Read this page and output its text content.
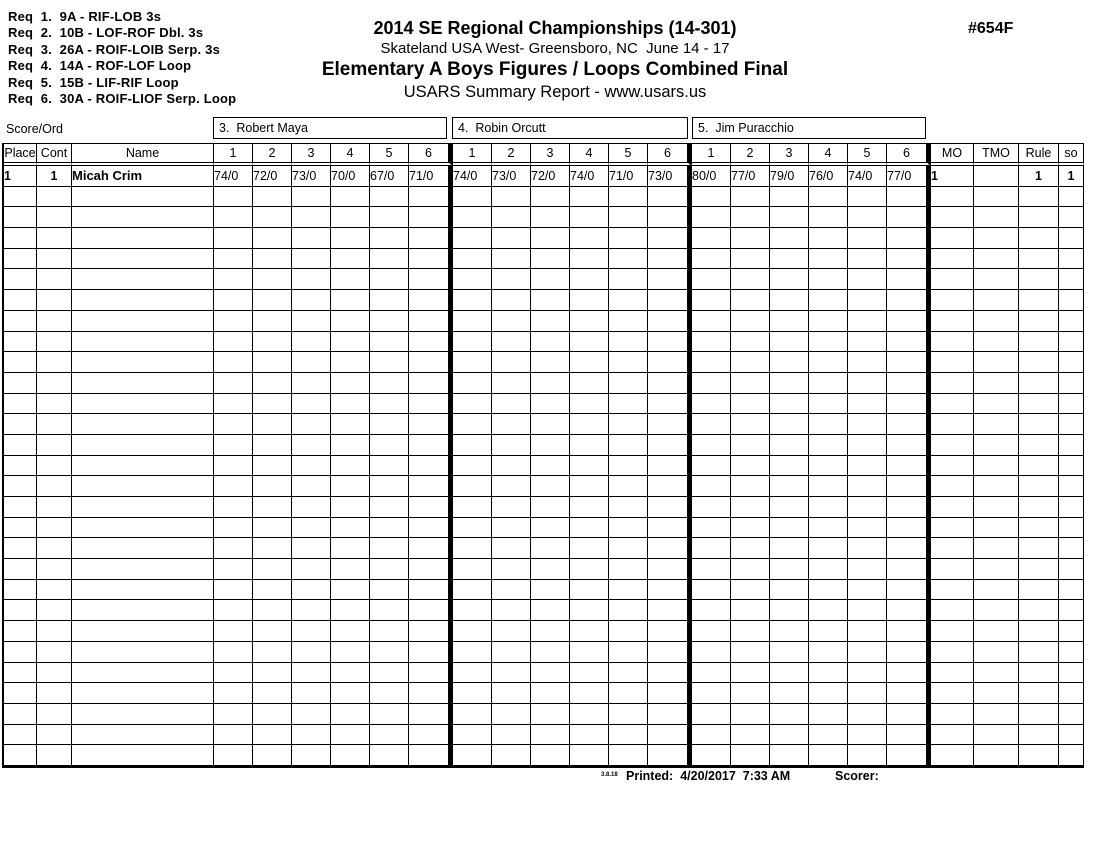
Req  1.  9A - RIF-LOB 3s
Req  2.  10B - LOF-ROF Dbl. 3s
Req  3.  26A - ROIF-LOIB Serp. 3s
Req  4.  14A - ROF-LOF Loop
Req  5.  15B - LIF-RIF Loop
Req  6.  30A - ROIF-LIOF Serp. Loop
2014 SE Regional Championships (14-301)
Skateland USA West- Greensboro, NC  June 14 - 17
Elementary A Boys Figures / Loops Combined Final
USARS Summary Report - www.usars.us
#654F
Score/Ord	3.  Robert Maya	4.  Robin Orcutt	5.  Jim Puracchio
Place	Cont	Name	1	2	3	4	5	6	1	2	3	4	5	6	1	2	3	4	5	6	MO	TMO	Rule	so
1	1	Micah Crim	74/0	72/0	73/0	70/0	67/0	71/0	74/0	73/0	72/0	74/0	71/0	73/0	80/0	77/0	79/0	76/0	74/0	77/0	1		1	1

3.8.18 Printed: 4/20/2017  7:33 AM	Scorer:
